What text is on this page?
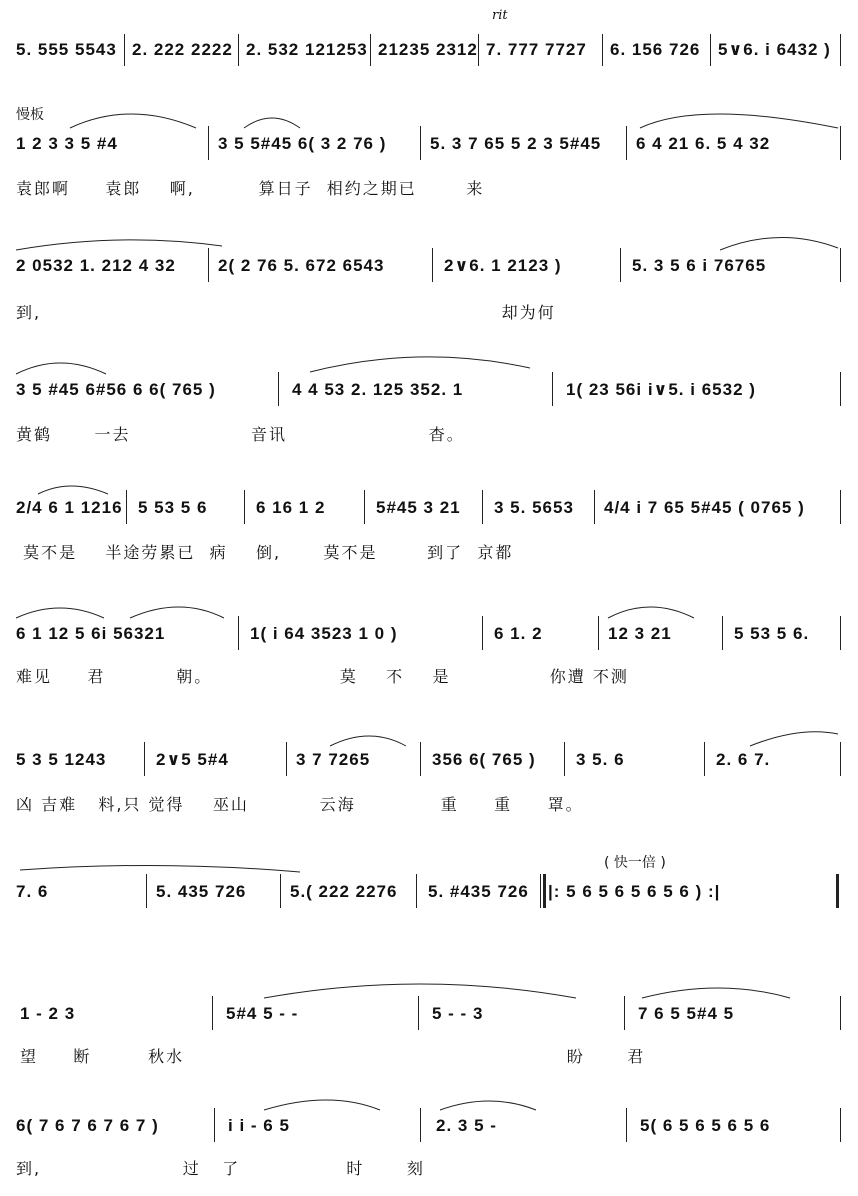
rit
慢板
( 快一倍 )
5. 555 5543 2. 222 2222 2. 532 121253 21235 2312 7. 777 7727 6. 156 726 5∨6. i 6432 )
1 2 3 3 5 #4	3 5 5#45 6( 3 2 76 )	5. 3 7 65 5 2 3 5#45 6 4 21 6. 5 4 32
袁郎啊     袁郎    啊,         算日子  相约之期已       来
2 0532 1. 212 4 32 2( 2 76 5. 672 6543	2∨6. 1 2123 )	5. 3 5 6 i 76765
到,                                                                 却为何
3 5 #45 6#56 6 6( 765 )	4 4 53 2. 125 352. 1	1( 23 56i i∨5. i 6532 )
黄鹤      一去                 音讯                    杳。
2/4 6 1 1216 5 53 5 6	6 16 1 2	5#45 3 21 3 5. 5653 4/4 i 7 65 5#45 ( 0765 )
莫不是    半途劳累已  病    倒,      莫不是       到了  京都
6 1 12 5 6i 56321	1( i 64 3523 1 0 )	6 1. 2	12 3 21	5 53 5 6.
难见     君          朝。                  莫    不    是              你遭 不测
5 3 5 1243	2∨5 5#4	3 7 7265	356 6( 765 ) 3 5. 6	2. 6 7.
凶 吉难   料,只 觉得    巫山          云海            重     重     罩。
7. 6	5. 435 726	5.( 222 2276 5. #435 726 |: 5 6 5 6 5 6 5 6 ) :|
1 - 2 3	5#4 5 - -	5 - - 3	7 6 5 5#4 5
望     断        秋水                                                      盼      君
6( 7 6 7 6 7 6 7 )	i i - 6 5	2. 3 5 -	5( 6 5 6 5 6 5 6
到,                    过   了               时      刻
